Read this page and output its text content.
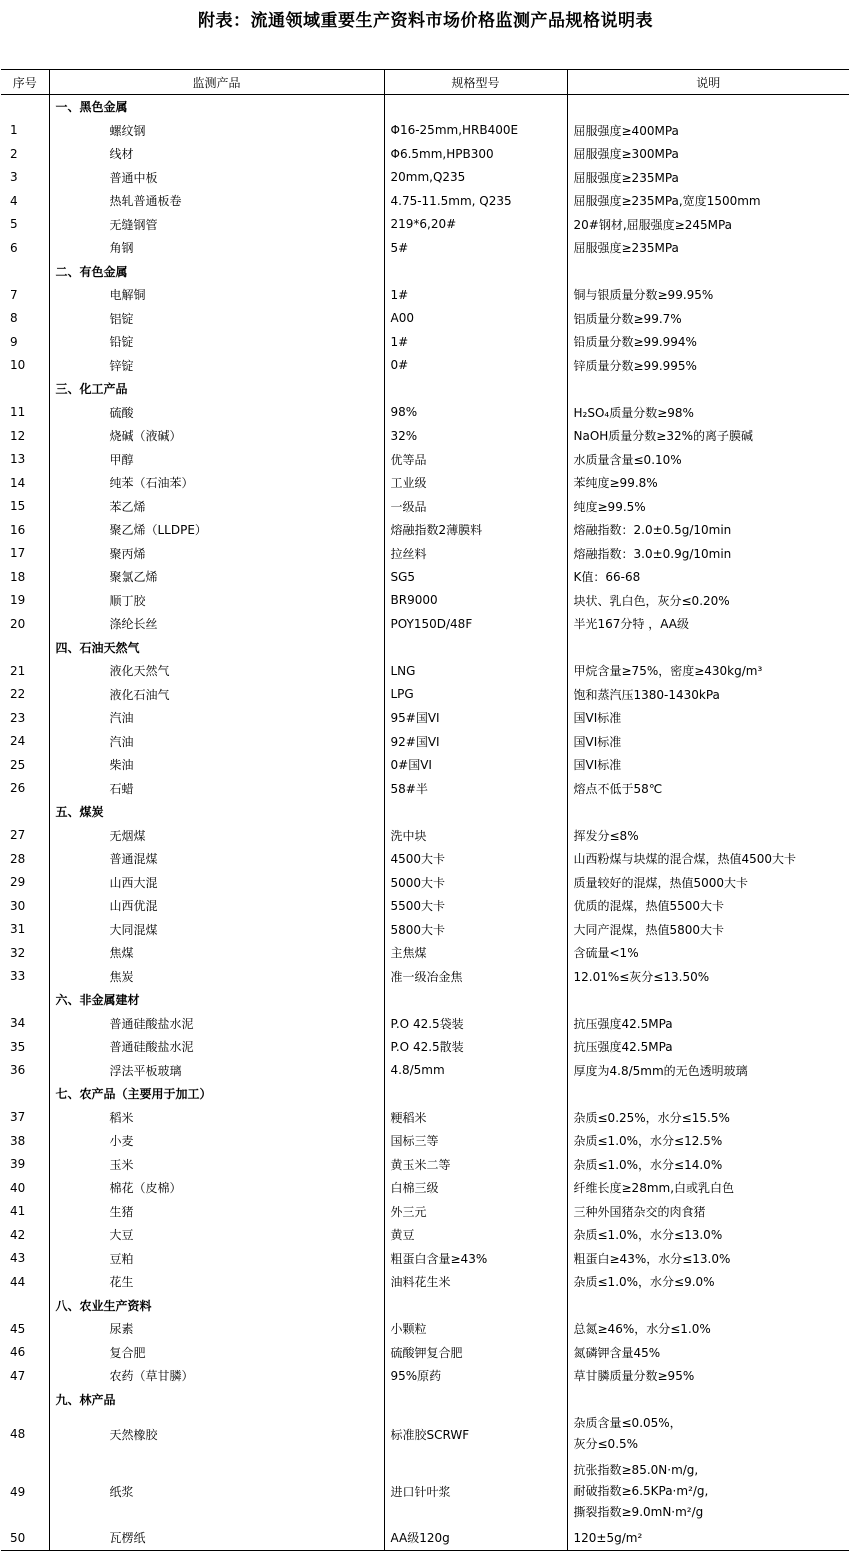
附表：流通领域重要生产资料市场价格监测产品规格说明表
序号	监测产品	规格型号	说明
	一、黑色金属		
1	螺纹钢	Φ16-25mm,HRB400E	屈服强度≥400MPa
2	线材	Φ6.5mm,HPB300	屈服强度≥300MPa
3	普通中板	20mm,Q235	屈服强度≥235MPa
4	热轧普通板卷	4.75-11.5mm, Q235	屈服强度≥235MPa,宽度1500mm
5	无缝钢管	219*6,20#	20#钢材,屈服强度≥245MPa
6	角钢	5#	屈服强度≥235MPa
	二、有色金属		
7	电解铜	1#	铜与银质量分数≥99.95%
8	铝锭	A00	铝质量分数≥99.7%
9	铅锭	1#	铅质量分数≥99.994%
10	锌锭	0#	锌质量分数≥99.995%
	三、化工产品		
11	硫酸	98%	H₂SO₄质量分数≥98%
12	烧碱（液碱）	32%	NaOH质量分数≥32%的离子膜碱
13	甲醇	优等品	水质量含量≤0.10%
14	纯苯（石油苯）	工业级	苯纯度≥99.8%
15	苯乙烯	一级品	纯度≥99.5%
16	聚乙烯（LLDPE）	熔融指数2薄膜料	熔融指数：2.0±0.5g/10min
17	聚丙烯	拉丝料	熔融指数：3.0±0.9g/10min
18	聚氯乙烯	SG5	K值：66-68
19	顺丁胶	BR9000	块状、乳白色，灰分≤0.20%
20	涤纶长丝	POY150D/48F	半光167分特 ，AA级
	四、石油天然气		
21	液化天然气	LNG	甲烷含量≥75%，密度≥430kg/m³
22	液化石油气	LPG	饱和蒸汽压1380-1430kPa
23	汽油	95#国VI	国VI标准
24	汽油	92#国VI	国VI标准
25	柴油	0#国VI	国VI标准
26	石蜡	58#半	熔点不低于58℃
	五、煤炭		
27	无烟煤	洗中块	挥发分≤8%
28	普通混煤	4500大卡	山西粉煤与块煤的混合煤，热值4500大卡
29	山西大混	5000大卡	质量较好的混煤，热值5000大卡
30	山西优混	5500大卡	优质的混煤，热值5500大卡
31	大同混煤	5800大卡	大同产混煤，热值5800大卡
32	焦煤	主焦煤	含硫量<1%
33	焦炭	准一级冶金焦	12.01%≤灰分≤13.50%
	六、非金属建材		
34	普通硅酸盐水泥	P.O 42.5袋装	抗压强度42.5MPa
35	普通硅酸盐水泥	P.O 42.5散装	抗压强度42.5MPa
36	浮法平板玻璃	4.8/5mm	厚度为4.8/5mm的无色透明玻璃
	七、农产品（主要用于加工）		
37	稻米	粳稻米	杂质≤0.25%，水分≤15.5%
38	小麦	国标三等	杂质≤1.0%，水分≤12.5%
39	玉米	黄玉米二等	杂质≤1.0%，水分≤14.0%
40	棉花（皮棉）	白棉三级	纤维长度≥28mm,白或乳白色
41	生猪	外三元	三种外国猪杂交的肉食猪
42	大豆	黄豆	杂质≤1.0%，水分≤13.0%
43	豆粕	粗蛋白含量≥43%	粗蛋白≥43%，水分≤13.0%
44	花生	油料花生米	杂质≤1.0%，水分≤9.0%
	八、农业生产资料		
45	尿素	小颗粒	总氮≥46%，水分≤1.0%
46	复合肥	硫酸钾复合肥	氮磷钾含量45%
47	农药（草甘膦）	95%原药	草甘膦质量分数≥95%
	九、林产品		
48	天然橡胶	标准胶SCRWF	杂质含量≤0.05%，
灰分≤0.5%
49	纸浆	进口针叶浆	抗张指数≥85.0N·m/g,
耐破指数≥6.5KPa·m²/g,
撕裂指数≥9.0mN·m²/g
50	瓦楞纸	AA级120g	120±5g/m²
